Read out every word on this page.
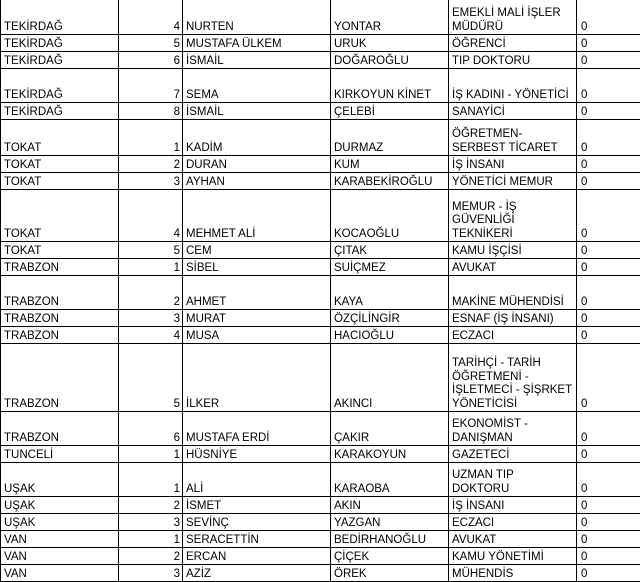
TEKİRDAĞ	4	NURTEN	YONTAR	EMEKLİ MALİ İŞLER MÜDÜRÜ	0
TEKİRDAĞ	5	MUSTAFA ÜLKEM	URUK	ÖĞRENCİ	0
TEKİRDAĞ	6	İSMAİL	DOĞAROĞLU	TIP DOKTORU	0
TEKİRDAĞ	7	SEMA	KIRKOYUN KİNET	İŞ KADINI - YÖNETİCİ	0
TEKİRDAĞ	8	İSMAİL	ÇELEBİ	SANAYİCİ	0
TOKAT	1	KADİM	DURMAZ	ÖĞRETMEN- SERBEST TİCARET	0
TOKAT	2	DURAN	KUM	İŞ İNSANI	0
TOKAT	3	AYHAN	KARABEKİROĞLU	YÖNETİCİ MEMUR	0
TOKAT	4	MEHMET ALİ	KOCAOĞLU	MEMUR - İŞ GÜVENLİĞİ TEKNİKERİ	0
TOKAT	5	CEM	ÇITAK	KAMU İŞÇİSİ	0
TRABZON	1	SİBEL	SUİÇMEZ	AVUKAT	0
TRABZON	2	AHMET	KAYA	MAKİNE MÜHENDİSİ	0
TRABZON	3	MURAT	ÖZÇİLİNGİR	ESNAF (İŞ İNSANI)	0
TRABZON	4	MUSA	HACIOĞLU	ECZACI	0
TRABZON	5	İLKER	AKINCI	TARİHÇİ - TARİH ÖĞRETMENİ - İŞLETMECİ - ŞİŞRKET YÖNETİCİSİ	0
TRABZON	6	MUSTAFA ERDİ	ÇAKIR	EKONOMİST - DANIŞMAN	0
TUNCELİ	1	HÜSNİYE	KARAKOYUN	GAZETECİ	0
UŞAK	1	ALİ	KARAOBA	UZMAN TIP DOKTORU	0
UŞAK	2	İSMET	AKIN	İŞ İNSANI	0
UŞAK	3	SEVİNÇ	YAZGAN	ECZACI	0
VAN	1	SERACETTİN	BEDİRHANOĞLU	AVUKAT	0
VAN	2	ERCAN	ÇİÇEK	KAMU YÖNETİMİ	0
VAN	3	AZİZ	ÖREK	MÜHENDİS	0
